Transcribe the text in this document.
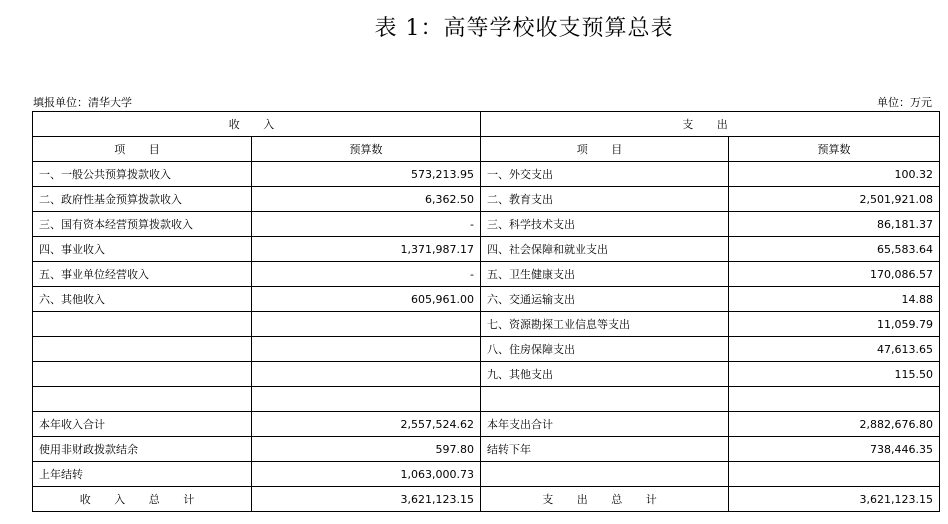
表 1：高等学校收支预算总表
填报单位：清华大学	单位：万元
收 入		支 出	
项 目	预算数	项 目	预算数
一、一般公共预算拨款收入	573,213.95	一、外交支出	100.32
二、政府性基金预算拨款收入	6,362.50	二、教育支出	2,501,921.08
三、国有资本经营预算拨款收入	-	三、科学技术支出	86,181.37
四、事业收入	1,371,987.17	四、社会保障和就业支出	65,583.64
五、事业单位经营收入	-	五、卫生健康支出	170,086.57
六、其他收入	605,961.00	六、交通运输支出	14.88
		七、资源勘探工业信息等支出	11,059.79
		八、住房保障支出	47,613.65
		九、其他支出	115.50

本年收入合计	2,557,524.62	本年支出合计	2,882,676.80
使用非财政拨款结余	597.80	结转下年	738,446.35
上年结转	1,063,000.73		
收 入 总 计	3,621,123.15	支 出 总 计	3,621,123.15
